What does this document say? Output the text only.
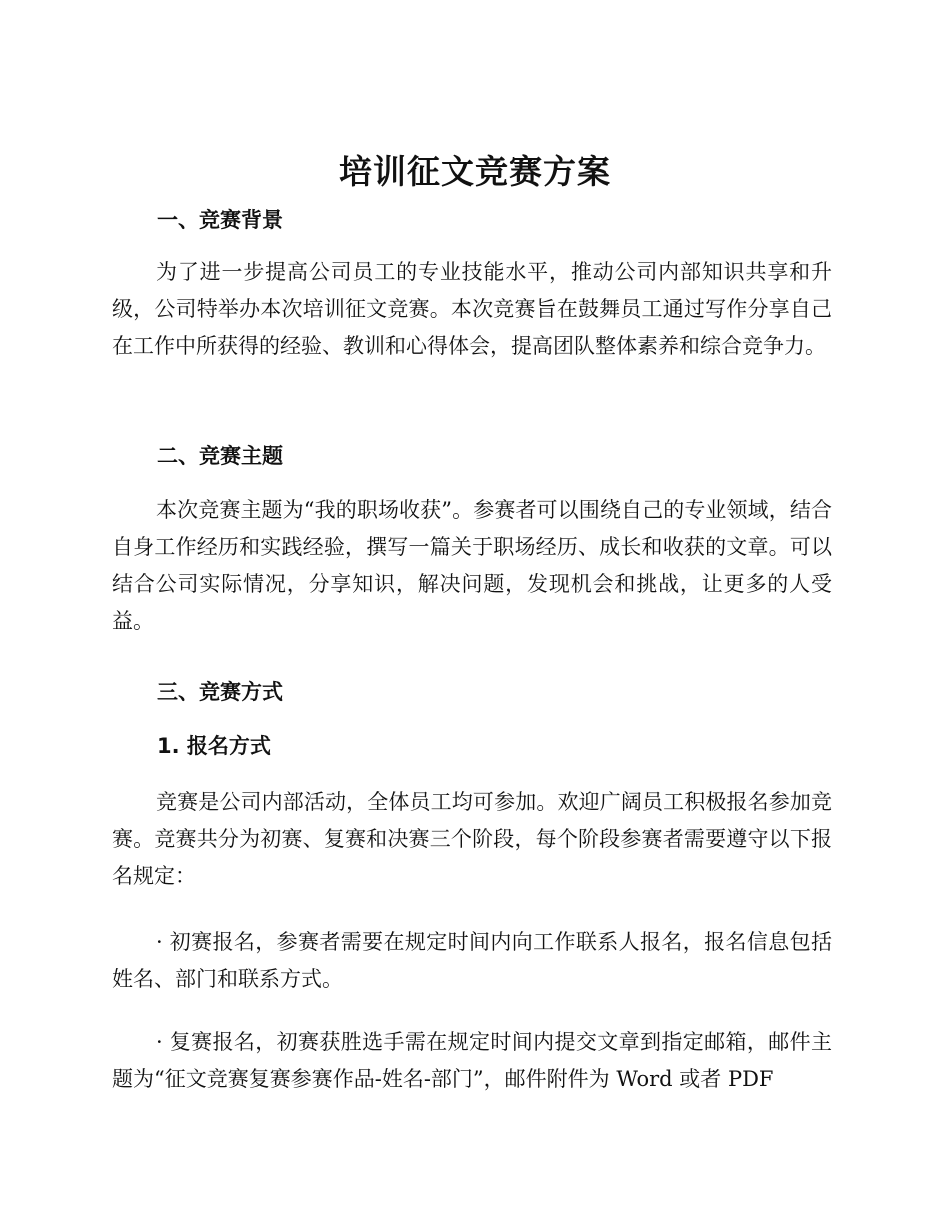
培训征文竞赛方案
一、竞赛背景
为了进一步提高公司员工的专业技能水平，推动公司内部知识共享和升级，公司特举办本次培训征文竞赛。本次竞赛旨在鼓舞员工通过写作分享自己在工作中所获得的经验、教训和心得体会，提高团队整体素养和综合竞争力。
二、竞赛主题
本次竞赛主题为“我的职场收获”。参赛者可以围绕自己的专业领域，结合自身工作经历和实践经验，撰写一篇关于职场经历、成长和收获的文章。可以结合公司实际情况，分享知识，解决问题，发现机会和挑战，让更多的人受益。
三、竞赛方式
1. 报名方式
竞赛是公司内部活动，全体员工均可参加。欢迎广阔员工积极报名参加竞赛。竞赛共分为初赛、复赛和决赛三个阶段，每个阶段参赛者需要遵守以下报名规定：
· 初赛报名，参赛者需要在规定时间内向工作联系人报名，报名信息包括姓名、部门和联系方式。
· 复赛报名，初赛获胜选手需在规定时间内提交文章到指定邮箱，邮件主题为“征文竞赛复赛参赛作品-姓名-部门”，邮件附件为 Word 或者 PDF
